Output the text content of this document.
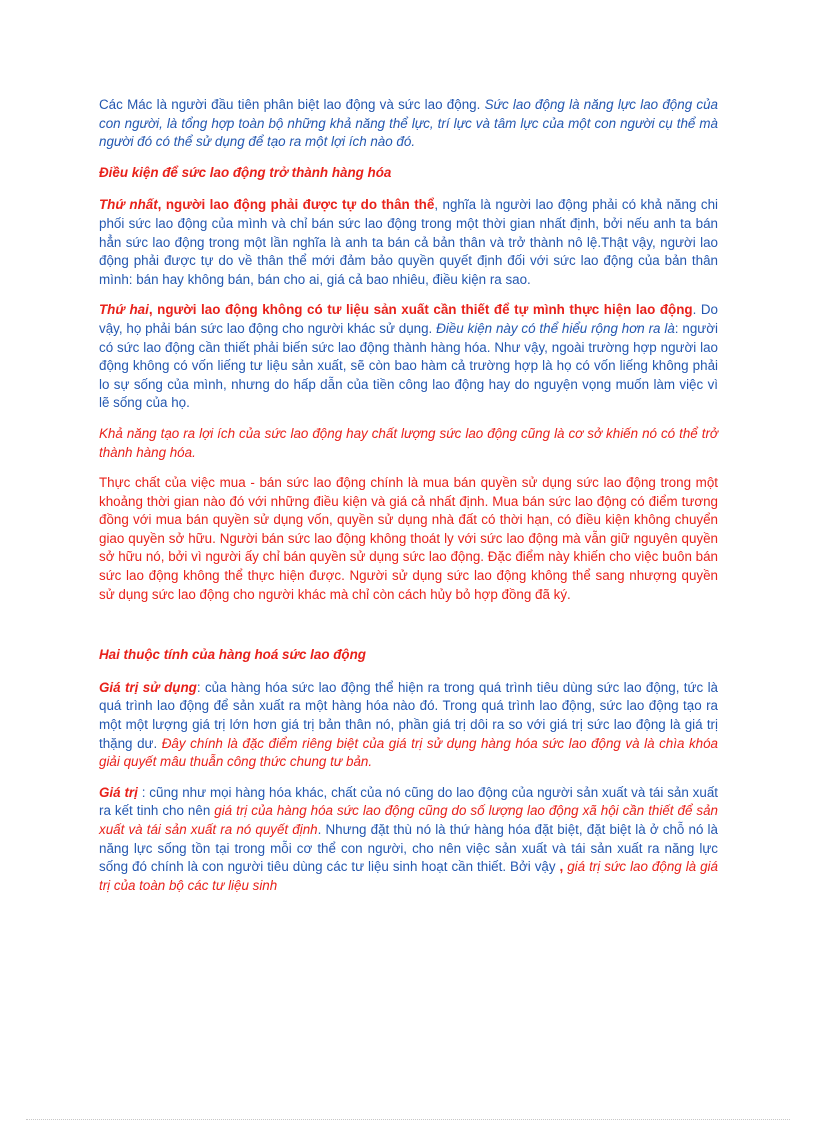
Các Mác là người đầu tiên phân biệt lao động và sức lao động. Sức lao động là năng lực lao động của con người, là tổng hợp toàn bộ những khả năng thể lực, trí lực và tâm lực của một con người cụ thể mà người đó có thể sử dụng để tạo ra một lợi ích nào đó.

Điều kiện để sức lao động trở thành hàng hóa

Thứ nhất, người lao động phải được tự do thân thể, nghĩa là người lao động phải có khả năng chi phối sức lao động của mình và chỉ bán sức lao động trong một thời gian nhất định, bởi nếu anh ta bán hẳn sức lao động trong một lần nghĩa là anh ta bán cả bản thân và trở thành nô lệ.Thật vậy, người lao động phải được tự do về thân thể mới đảm bảo quyền quyết định đối với sức lao động của bản thân mình: bán hay không bán, bán cho ai, giá cả bao nhiêu, điều kiện ra sao.

Thứ hai, người lao động không có tư liệu sản xuất cần thiết để tự mình thực hiện lao động. Do vậy, họ phải bán sức lao động cho người khác sử dụng. Điều kiện này có thể hiểu rộng hơn ra là: người có sức lao động cần thiết phải biến sức lao động thành hàng hóa. Như vậy, ngoài trường hợp người lao động không có vốn liếng tư liệu sản xuất, sẽ còn bao hàm cả trường hợp là họ có vốn liếng không phải lo sự sống của mình, nhưng do hấp dẫn của tiền công lao động hay do nguyện vọng muốn làm việc vì lẽ sống của họ.

Khả năng tạo ra lợi ích của sức lao động hay chất lượng sức lao động cũng là cơ sở khiến nó có thể trở thành hàng hóa.

Thực chất của việc mua - bán sức lao động chính là mua bán quyền sử dụng sức lao động trong một khoảng thời gian nào đó với những điều kiện và giá cả nhất định. Mua bán sức lao động có điểm tương đồng với mua bán quyền sử dụng vốn, quyền sử dụng nhà đất có thời hạn, có điều kiện không chuyển giao quyền sở hữu. Người bán sức lao động không thoát ly với sức lao động mà vẫn giữ nguyên quyền sở hữu nó, bởi vì người ấy chỉ bán quyền sử dụng sức lao động. Đặc điểm này khiến cho việc buôn bán sức lao động không thể thực hiện được. Người sử dụng sức lao động không thể sang nhượng quyền sử dụng sức lao động cho người khác mà chỉ còn cách hủy bỏ hợp đồng đã ký.

Hai thuộc tính của hàng hoá sức lao động

Giá trị sử dụng: của hàng hóa sức lao động thể hiện ra trong quá trình tiêu dùng sức lao động, tức là quá trình lao động để sản xuất ra một hàng hóa nào đó. Trong quá trình lao động, sức lao động tạo ra một một lượng giá trị lớn hơn giá trị bản thân nó, phần giá trị dôi ra so với giá trị sức lao động là giá trị thặng dư. Đây chính là đặc điểm riêng biệt của giá trị sử dụng hàng hóa sức lao động và là chìa khóa giải quyết mâu thuẫn công thức chung tư bản.

Giá trị : cũng như mọi hàng hóa khác, chất của nó cũng do lao động của người sản xuất và tái sản xuất ra kết tinh cho nên giá trị của hàng hóa sức lao động cũng do số lượng lao động xã hội cần thiết để sản xuất và tái sản xuất ra nó quyết định. Nhưng đặt thù nó là thứ hàng hóa đặt biệt, đặt biệt là ở chỗ nó là năng lực sống tồn tại trong mỗi cơ thể con người, cho nên việc sản xuất và tái sản xuất ra năng lực sống đó chính là con người tiêu dùng các tư liệu sinh hoạt cần thiết. Bởi vậy , giá trị sức lao động là giá trị của toàn bộ các tư liệu sinh
